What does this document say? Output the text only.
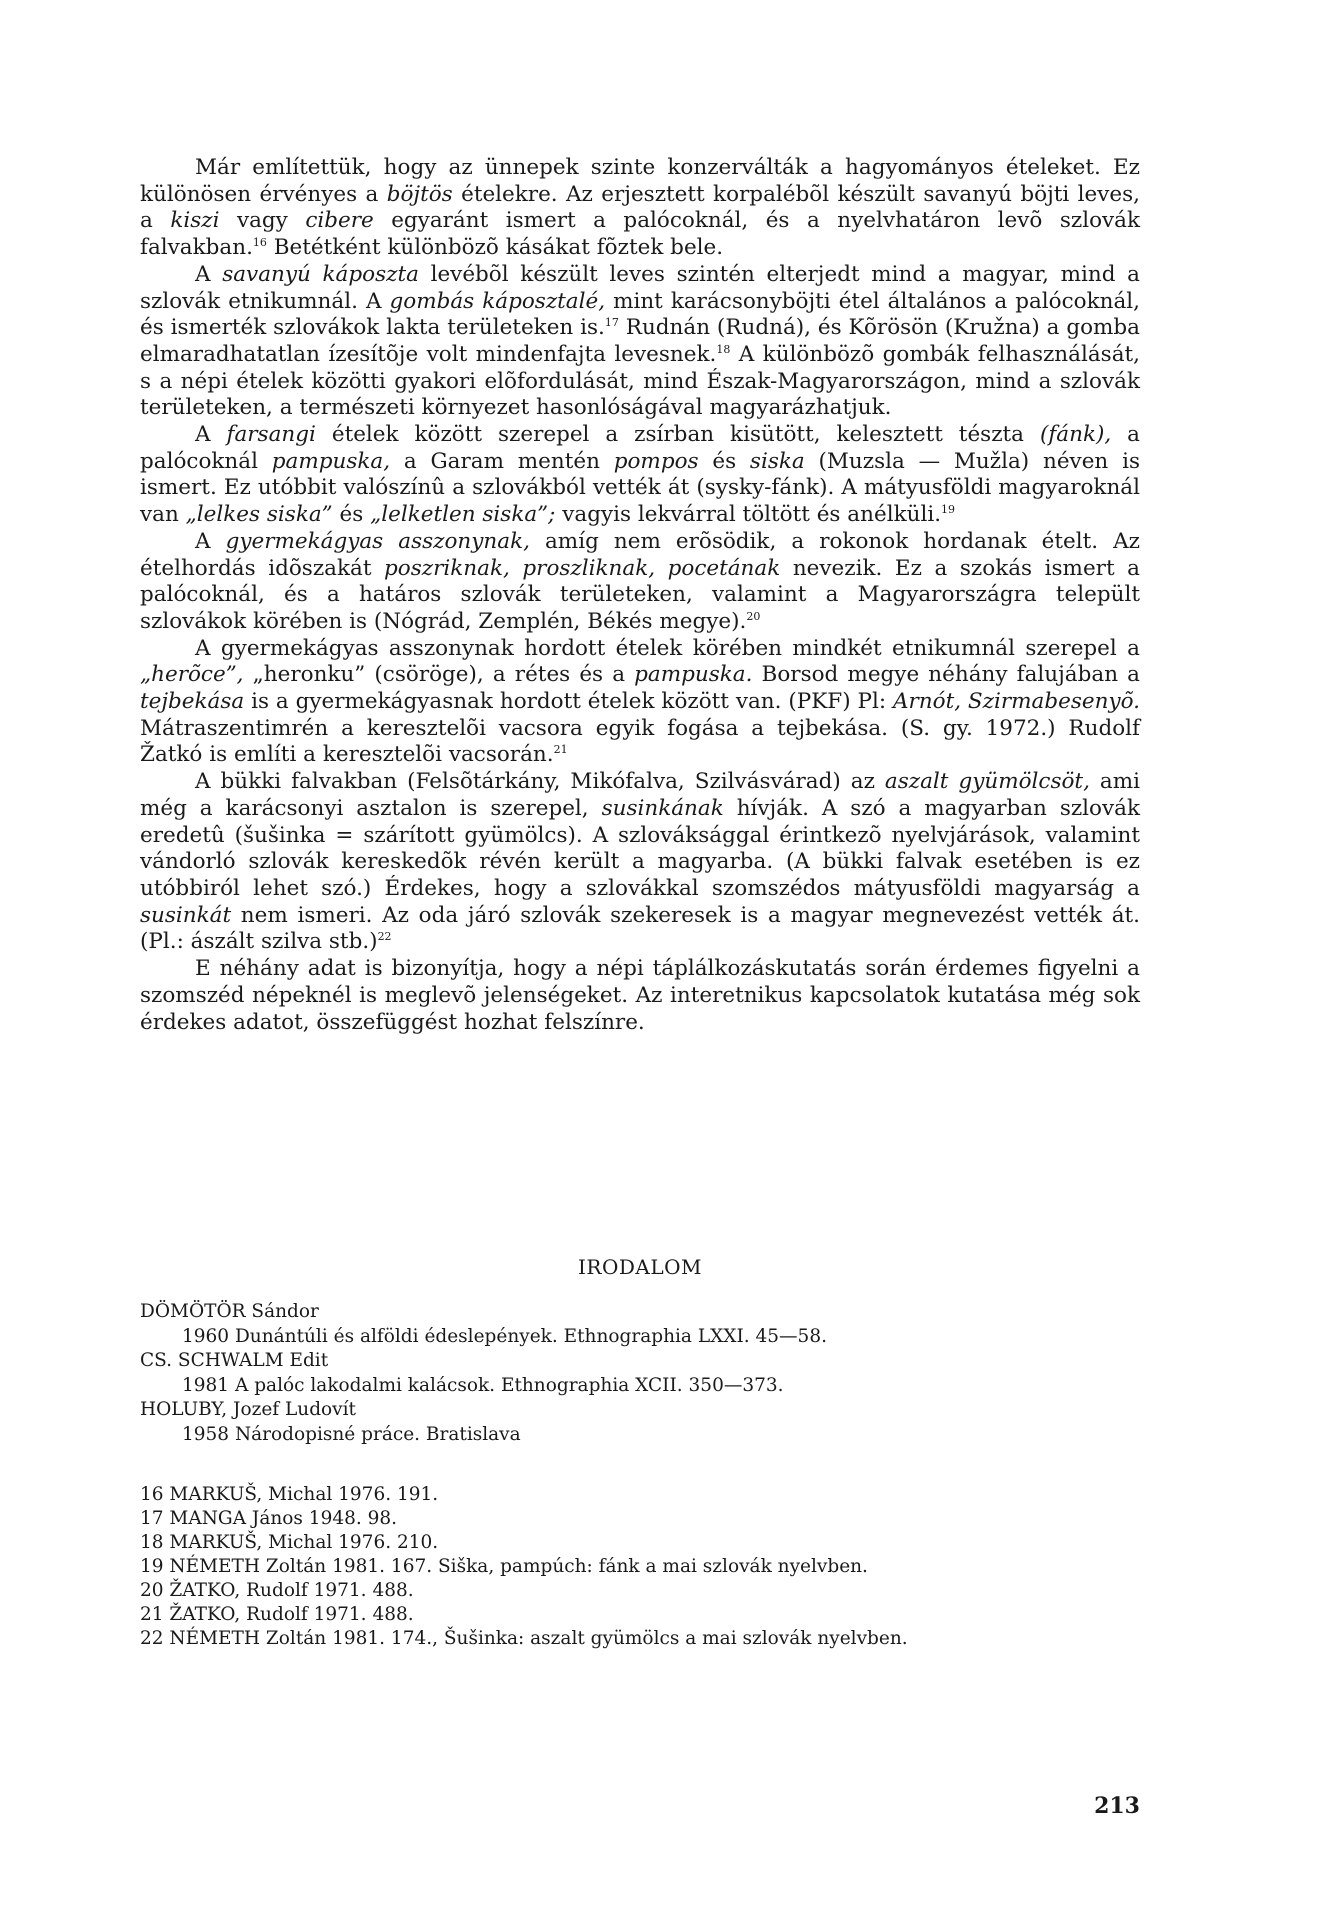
Már említettük, hogy az ünnepek szinte konzerválták a hagyományos ételeket. Ez különösen érvényes a böjtös ételekre. Az erjesztett korpalébõl készült savanyú böjti leves, a kiszi vagy cibere egyaránt ismert a palócoknál, és a nyelvhatáron levõ szlovák falvakban.$^{16}$ Betétként különbözõ kásákat fõztek bele.

A savanyú káposzta levébõl készült leves szintén elterjedt mind a magyar, mind a szlovák etnikumnál. A gombás káposztalé, mint karácsonyböjti étel általános a palócoknál, és ismerték szlovákok lakta területeken is.$^{17}$ Rudnán (Rudná), és Kõrösön (Kružna) a gomba elmaradhatatlan ízesítõje volt mindenfajta levesnek.$^{18}$ A különbözõ gombák felhasználását, s a népi ételek közötti gyakori elõfordulását, mind Észak-Magyarországon, mind a szlovák területeken, a természeti környezet hasonlóságával magyarázhatjuk.

A farsangi ételek között szerepel a zsírban kisütött, kelesztett tészta (fánk), a palócoknál pampuska, a Garam mentén pompos és siska (Muzsla — Mužla) néven is ismert. Ez utóbbit valószínû a szlovákból vették át (sysky-fánk). A mátyusföldi magyaroknál van „lelkes siska” és „lelketlen siska”; vagyis lekvárral töltött és anélküli.$^{19}$

A gyermekágyas asszonynak, amíg nem erõsödik, a rokonok hordanak ételt. Az ételhordás idõszakát poszriknak, proszliknak, pocetának nevezik. Ez a szokás ismert a palócoknál, és a határos szlovák területeken, valamint a Magyarországra települt szlovákok körében is (Nógrád, Zemplén, Békés megye).$^{20}$

A gyermekágyas asszonynak hordott ételek körében mindkét etnikumnál szerepel a „herõce”, „heronku” (csöröge), a rétes és a pampuska. Borsod megye néhány falujában a tejbekása is a gyermekágyasnak hordott ételek között van. (PKF) Pl: Arnót, Szirmabesenyõ. Mátraszentimrén a keresztelõi vacsora egyik fogása a tejbekása. (S. gy. 1972.) Rudolf Žatkó is említi a keresztelõi vacsorán.$^{21}$

A bükki falvakban (Felsõtárkány, Mikófalva, Szilvásvárad) az aszalt gyümölcsöt, ami még a karácsonyi asztalon is szerepel, susinkának hívják. A szó a magyarban szlovák eredetû (šušinka = szárított gyümölcs). A szlováksággal érintkezõ nyelvjárások, valamint vándorló szlovák kereskedõk révén került a magyarba. (A bükki falvak esetében is ez utóbbiról lehet szó.) Érdekes, hogy a szlovákkal szomszédos mátyusföldi magyarság a susinkát nem ismeri. Az oda járó szlovák szekeresek is a magyar megnevezést vették át. (Pl.: ászált szilva stb.)$^{22}$

E néhány adat is bizonyítja, hogy a népi táplálkozáskutatás során érdemes figyelni a szomszéd népeknél is meglevõ jelenségeket. Az interetnikus kapcsolatok kutatása még sok érdekes adatot, összefüggést hozhat felszínre.

IRODALOM

DÖMÖTÖR Sándor

1960 Dunántúli és alföldi édeslepények. Ethnographia LXXI. 45—58.

CS. SCHWALM Edit

1981 A palóc lakodalmi kalácsok. Ethnographia XCII. 350—373.

HOLUBY, Jozef Ludovít

1958 Národopisné práce. Bratislava

16 MARKUŠ, Michal 1976. 191.

17 MANGA János 1948. 98.

18 MARKUŠ, Michal 1976. 210.

19 NÉMETH Zoltán 1981. 167. Siška, pampúch: fánk a mai szlovák nyelvben.

20 ŽATKO, Rudolf 1971. 488.

21 ŽATKO, Rudolf 1971. 488.

22 NÉMETH Zoltán 1981. 174., Šušinka: aszalt gyümölcs a mai szlovák nyelvben.

213
